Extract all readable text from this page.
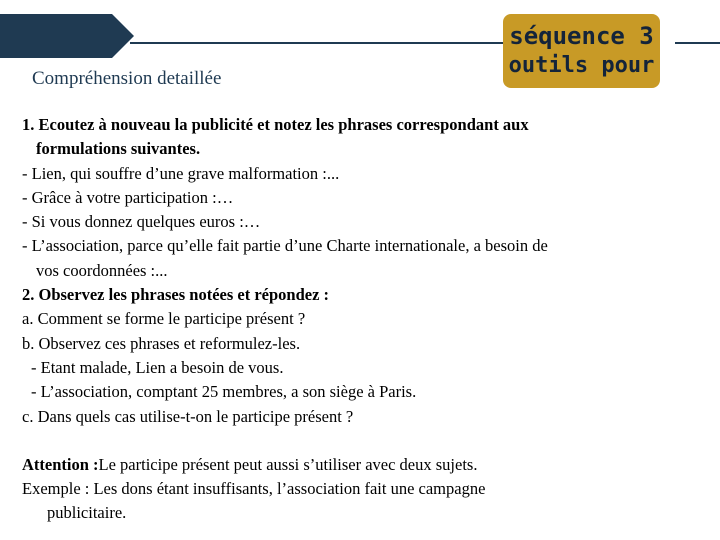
Compréhension detaillée
séquence 3
outils pour
1. Ecoutez à nouveau la publicité et notez les phrases correspondant aux
formulations suivantes.
- Lien, qui souffre d’une grave malformation :...
- Grâce à votre participation :…
- Si vous donnez quelques euros :…
- L’association, parce qu’elle fait partie d’une Charte internationale, a besoin de
vos coordonnées :...
2. Observez les phrases notées et répondez :
a. Comment se forme le participe présent ?
b. Observez ces phrases et reformulez-les.
- Etant malade, Lien a besoin de vous.
- L’association, comptant 25 membres, a son siège à Paris.
c. Dans quels cas utilise-t-on le participe présent ?
Attention :Le participe présent peut aussi s’utiliser avec deux sujets.
Exemple : Les dons étant insuffisants, l’association fait une campagne
publicitaire.
